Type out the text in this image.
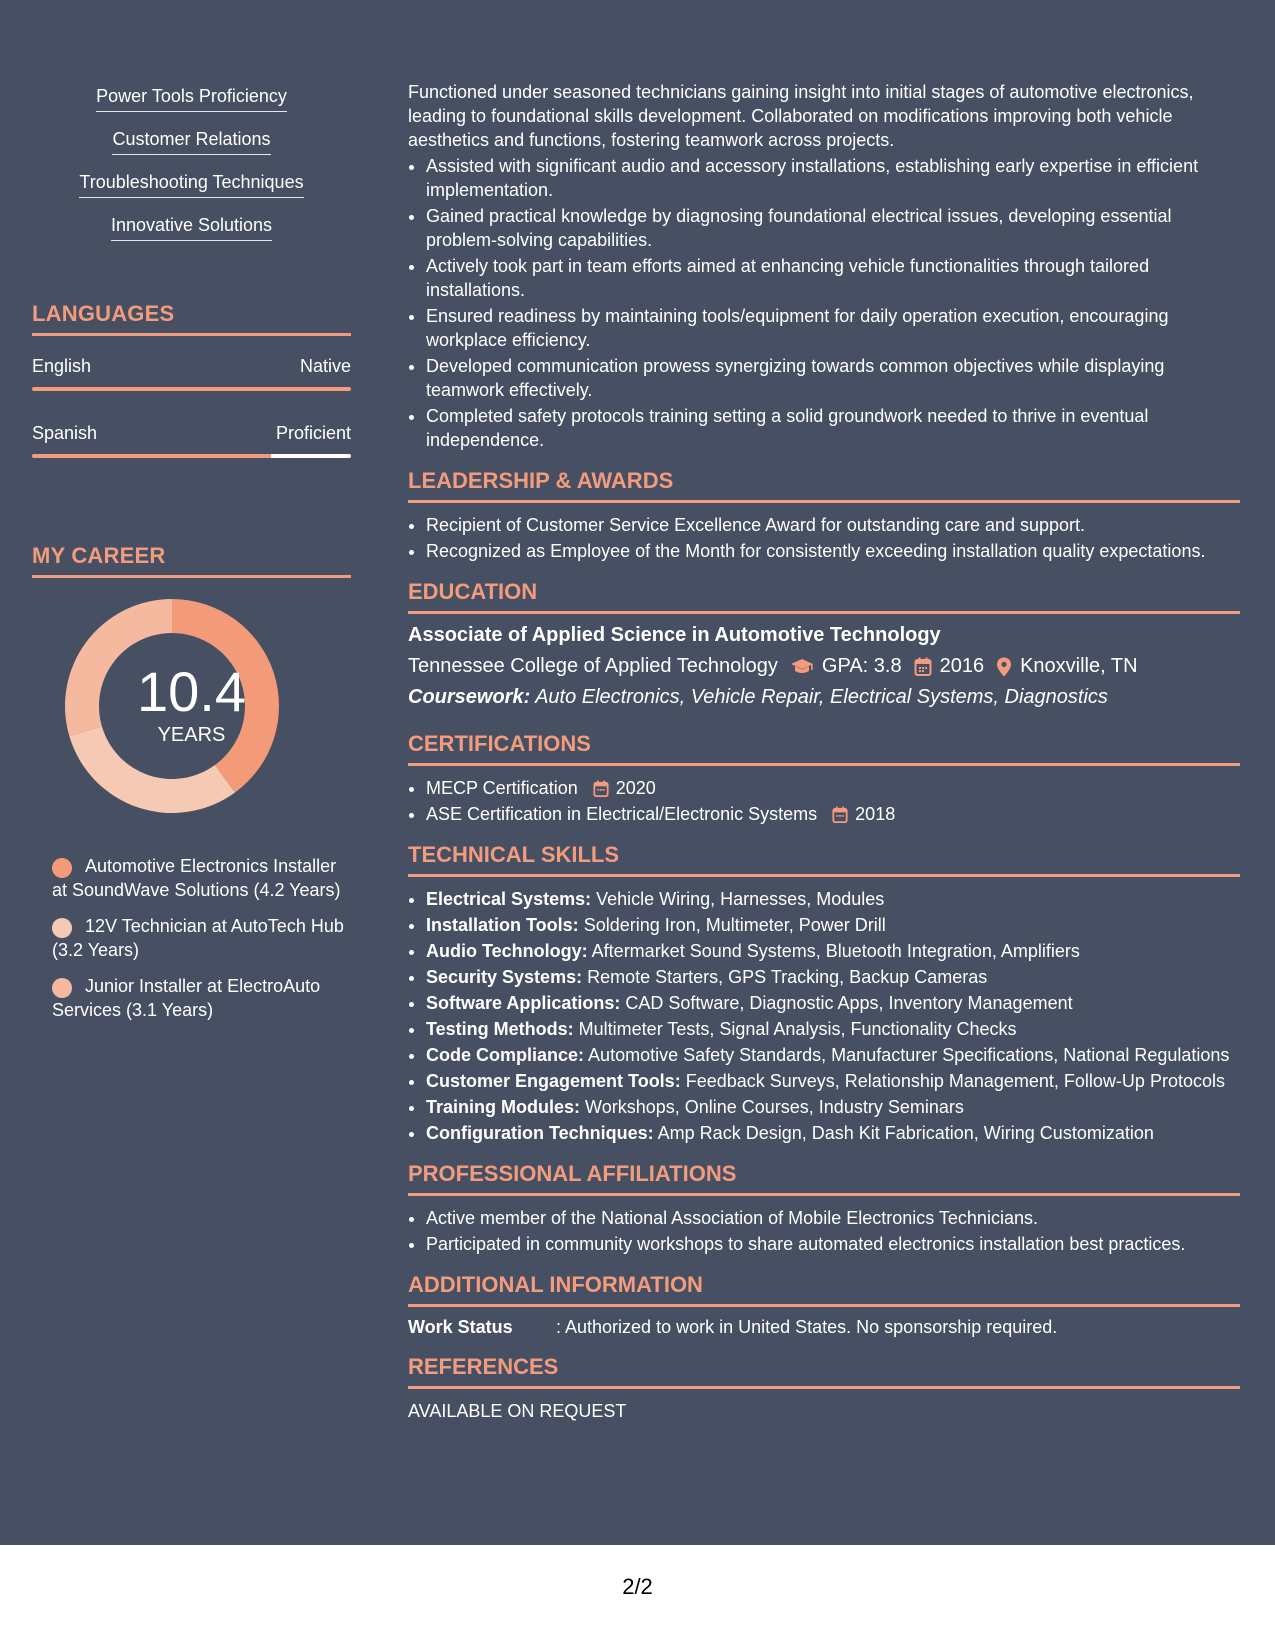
Power Tools Proficiency
Customer Relations
Troubleshooting Techniques
Innovative Solutions
LANGUAGES
English	Native
Spanish	Proficient
MY CAREER
10.4
YEARS
Automotive Electronics Installer at SoundWave Solutions (4.2 Years)
12V Technician at AutoTech Hub (3.2 Years)
Junior Installer at ElectroAuto Services (3.1 Years)

Functioned under seasoned technicians gaining insight into initial stages of automotive electronics, leading to foundational skills development. Collaborated on modifications improving both vehicle aesthetics and functions, fostering teamwork across projects.

• Assisted with significant audio and accessory installations, establishing early expertise in efficient implementation.
• Gained practical knowledge by diagnosing foundational electrical issues, developing essential problem-solving capabilities.
• Actively took part in team efforts aimed at enhancing vehicle functionalities through tailored installations.
• Ensured readiness by maintaining tools/equipment for daily operation execution, encouraging workplace efficiency.
• Developed communication prowess synergizing towards common objectives while displaying teamwork effectively.
• Completed safety protocols training setting a solid groundwork needed to thrive in eventual independence.
LEADERSHIP & AWARDS
• Recipient of Customer Service Excellence Award for outstanding care and support.
• Recognized as Employee of the Month for consistently exceeding installation quality expectations.
EDUCATION
Associate of Applied Science in Automotive Technology
Tennessee College of Applied Technology GPA: 3.8 2016 Knoxville, TN
Coursework: Auto Electronics, Vehicle Repair, Electrical Systems, Diagnostics
CERTIFICATIONS
• MECP Certification 2020
• ASE Certification in Electrical/Electronic Systems 2018
TECHNICAL SKILLS
• Electrical Systems: Vehicle Wiring, Harnesses, Modules
• Installation Tools: Soldering Iron, Multimeter, Power Drill
• Audio Technology: Aftermarket Sound Systems, Bluetooth Integration, Amplifiers
• Security Systems: Remote Starters, GPS Tracking, Backup Cameras
• Software Applications: CAD Software, Diagnostic Apps, Inventory Management
• Testing Methods: Multimeter Tests, Signal Analysis, Functionality Checks
• Code Compliance: Automotive Safety Standards, Manufacturer Specifications, National Regulations
• Customer Engagement Tools: Feedback Surveys, Relationship Management, Follow-Up Protocols
• Training Modules: Workshops, Online Courses, Industry Seminars
• Configuration Techniques: Amp Rack Design, Dash Kit Fabrication, Wiring Customization
PROFESSIONAL AFFILIATIONS
• Active member of the National Association of Mobile Electronics Technicians.
• Participated in community workshops to share automated electronics installation best practices.
ADDITIONAL INFORMATION
Work Status	: Authorized to work in United States. No sponsorship required.
REFERENCES
AVAILABLE ON REQUEST
2/2
